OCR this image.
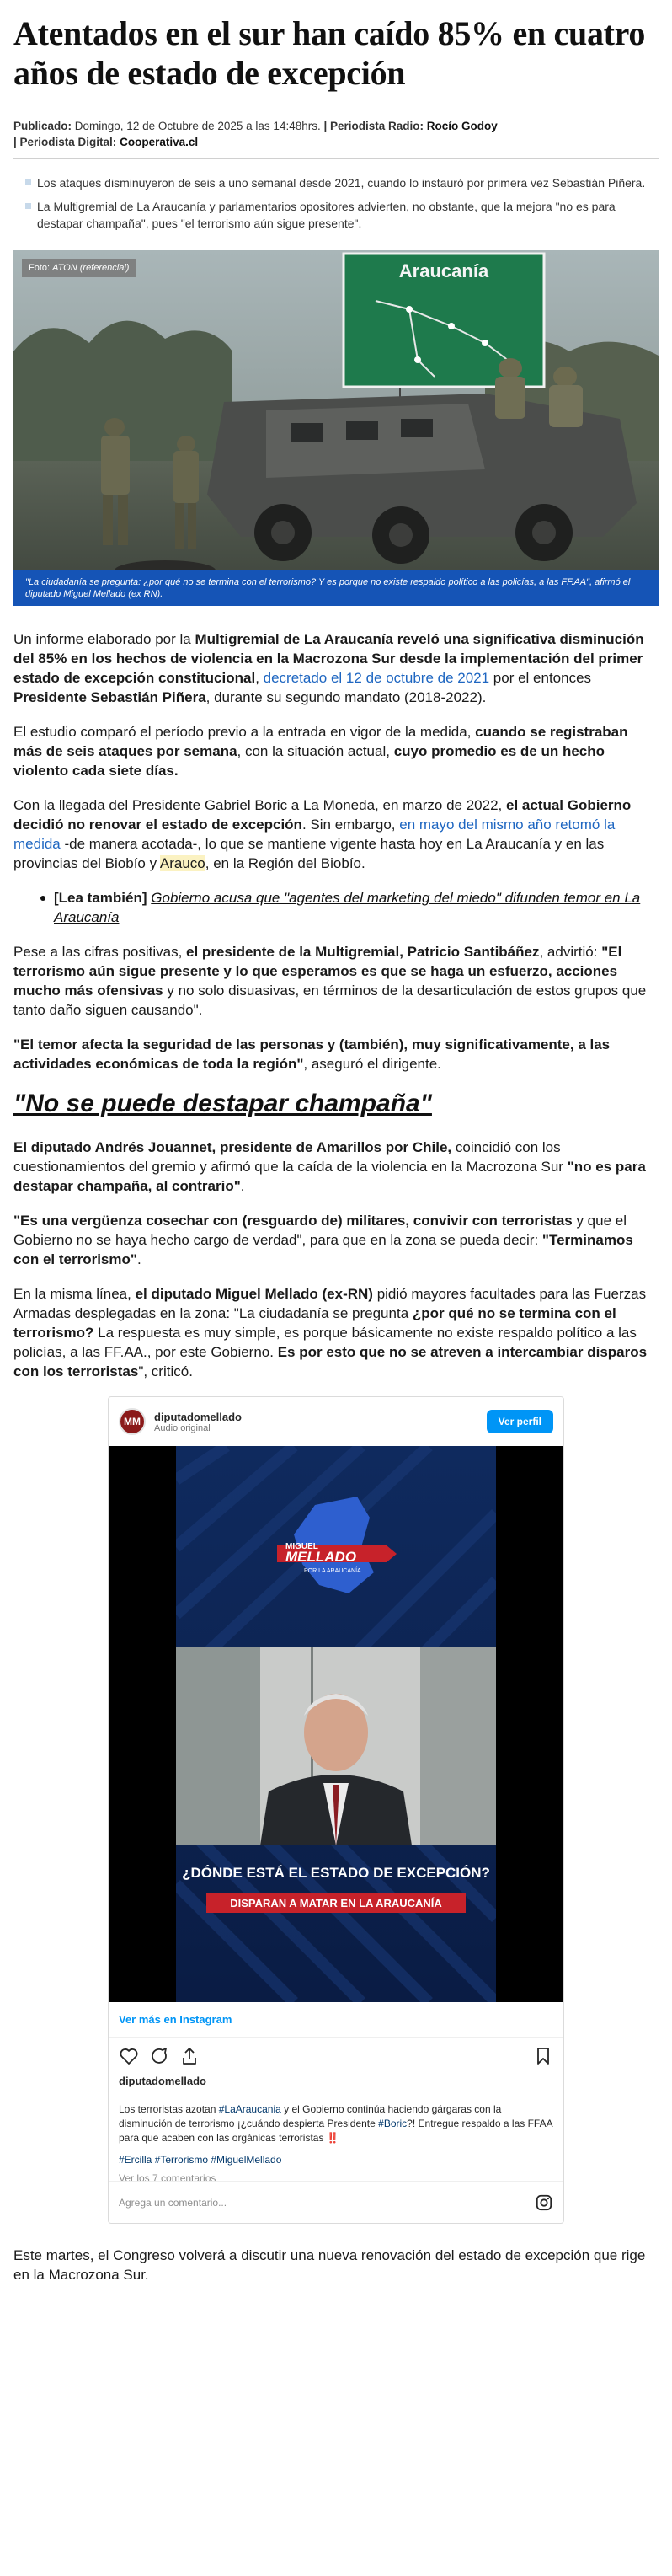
Atentados en el sur han caído 85% en cuatro años de estado de excepción
Publicado: Domingo, 12 de Octubre de 2025 a las 14:48hrs. | Periodista Radio: Rocío Godoy
| Periodista Digital: Cooperativa.cl
Los ataques disminuyeron de seis a uno semanal desde 2021, cuando lo instauró por primera vez Sebastián Piñera.
La Multigremial de La Araucanía y parlamentarios opositores advierten, no obstante, que la mejora "no es para destapar champaña", pues "el terrorismo aún sigue presente".
Araucanía
Foto: ATON (referencial)
"La ciudadanía se pregunta: ¿por qué no se termina con el terrorismo? Y es porque no existe respaldo político a las policías, a las FF.AA", afirmó el diputado Miguel Mellado (ex RN).

Un informe elaborado por la Multigremial de La Araucanía reveló una significativa disminución del 85% en los hechos de violencia en la Macrozona Sur desde la implementación del primer estado de excepción constitucional, decretado el 12 de octubre de 2021 por el entonces Presidente Sebastián Piñera, durante su segundo mandato (2018-2022).

El estudio comparó el período previo a la entrada en vigor de la medida, cuando se registraban más de seis ataques por semana, con la situación actual, cuyo promedio es de un hecho violento cada siete días.

Con la llegada del Presidente Gabriel Boric a La Moneda, en marzo de 2022, el actual Gobierno decidió no renovar el estado de excepción. Sin embargo, en mayo del mismo año retomó la medida -de manera acotada-, lo que se mantiene vigente hasta hoy en La Araucanía y en las provincias del Biobío y Arauco, en la Región del Biobío.

[Lea también] Gobierno acusa que "agentes del marketing del miedo" difunden temor en La Araucanía

Pese a las cifras positivas, el presidente de la Multigremial, Patricio Santibáñez, advirtió: "El terrorismo aún sigue presente y lo que esperamos es que se haga un esfuerzo, acciones mucho más ofensivas y no solo disuasivas, en términos de la desarticulación de estos grupos que tanto daño siguen causando".

"El temor afecta la seguridad de las personas y (también), muy significativamente, a las actividades económicas de toda la región", aseguró el dirigente.

"No se puede destapar champaña"

El diputado Andrés Jouannet, presidente de Amarillos por Chile, coincidió con los cuestionamientos del gremio y afirmó que la caída de la violencia en la Macrozona Sur "no es para destapar champaña, al contrario".

"Es una vergüenza cosechar con (resguardo de) militares, convivir con terroristas y que el Gobierno no se haya hecho cargo de verdad", para que en la zona se pueda decir: "Terminamos con el terrorismo".

En la misma línea, el diputado Miguel Mellado (ex-RN) pidió mayores facultades para las Fuerzas Armadas desplegadas en la zona: "La ciudadanía se pregunta ¿por qué no se termina con el terrorismo? La respuesta es muy simple, es porque básicamente no existe respaldo político a las policías, a las FF.AA., por este Gobierno. Es por esto que no se atreven a intercambiar disparos con los terroristas", criticó.

MM	diputadomellado
Audio original
Ver perfil
MIGUEL
MELLADO
POR LA ARAUCANÍA
¿DÓNDE ESTÁ EL ESTADO DE EXCEPCIÓN?
DISPARAN A MATAR EN LA ARAUCANÍA
Ver más en Instagram
diputadomellado
Los terroristas azotan #LaAraucania y el Gobierno continúa haciendo gárgaras con la disminución de terrorismo ¡¿cuándo despierta Presidente #Boric?! Entregue respaldo a las FFAA para que acaben con las orgánicas terroristas ‼️
#Ercilla #Terrorismo #MiguelMellado
Ver los 7 comentarios
Agrega un comentario...

Este martes, el Congreso volverá a discutir una nueva renovación del estado de excepción que rige en la Macrozona Sur.
